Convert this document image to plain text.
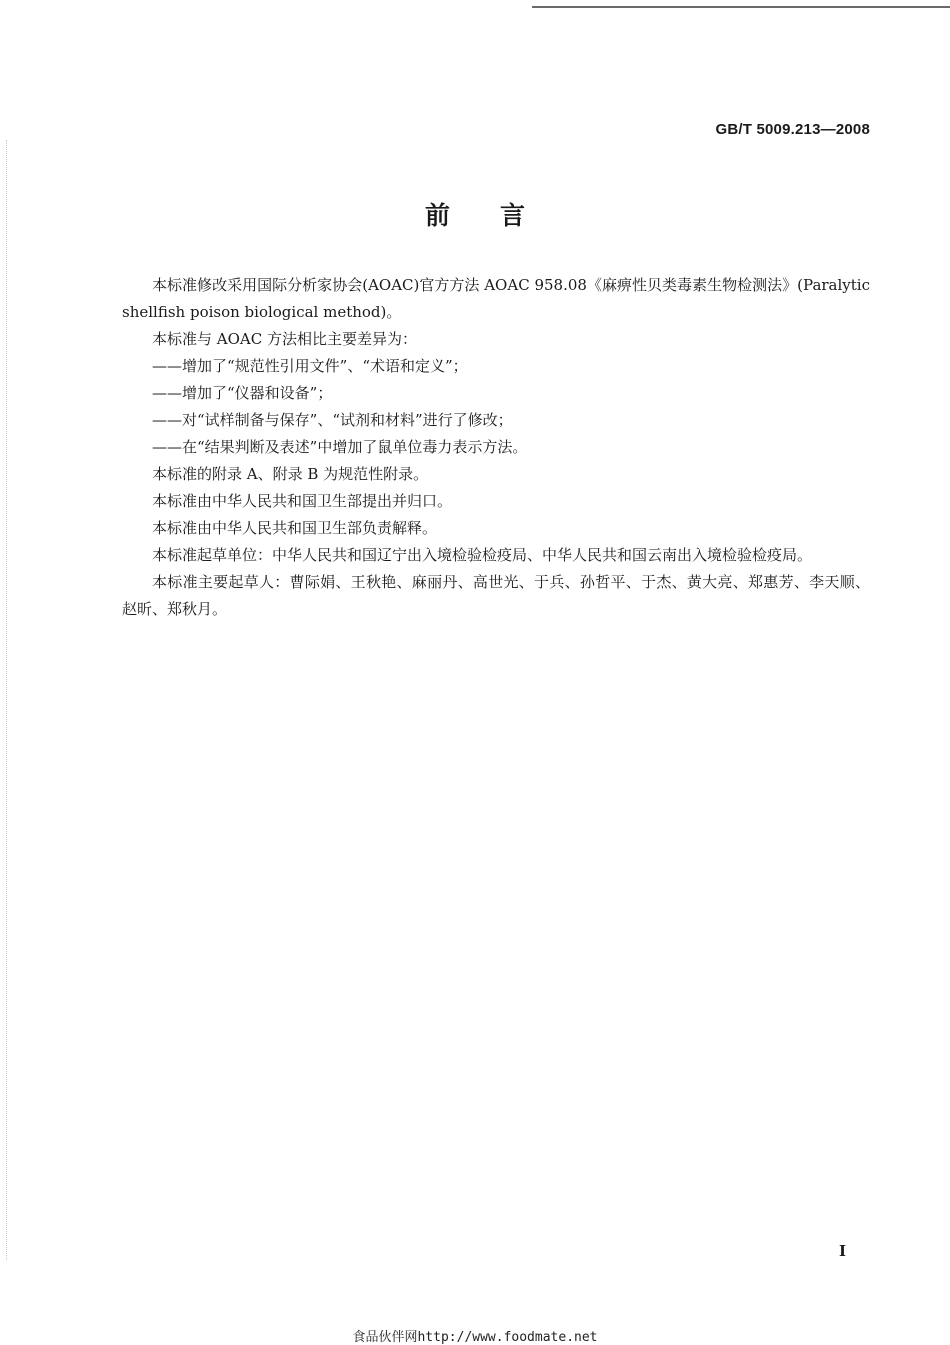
GB/T 5009.213—2008
前言

本标准修改采用国际分析家协会(AOAC)官方方法 AOAC 958.08《麻痹性贝类毒素生物检测法》(Paralytic shellfish poison biological method)。

本标准与 AOAC 方法相比主要差异为：

——增加了“规范性引用文件”、“术语和定义”；

——增加了“仪器和设备”；

——对“试样制备与保存”、“试剂和材料”进行了修改；

——在“结果判断及表述”中增加了鼠单位毒力表示方法。

本标准的附录 A、附录 B 为规范性附录。

本标准由中华人民共和国卫生部提出并归口。

本标准由中华人民共和国卫生部负责解释。

本标准起草单位：中华人民共和国辽宁出入境检验检疫局、中华人民共和国云南出入境检验检疫局。

本标准主要起草人：曹际娟、王秋艳、麻丽丹、高世光、于兵、孙哲平、于杰、黄大亮、郑惠芳、李天顺、赵昕、郑秋月。

I
食品伙伴网http://www.foodmate.net
